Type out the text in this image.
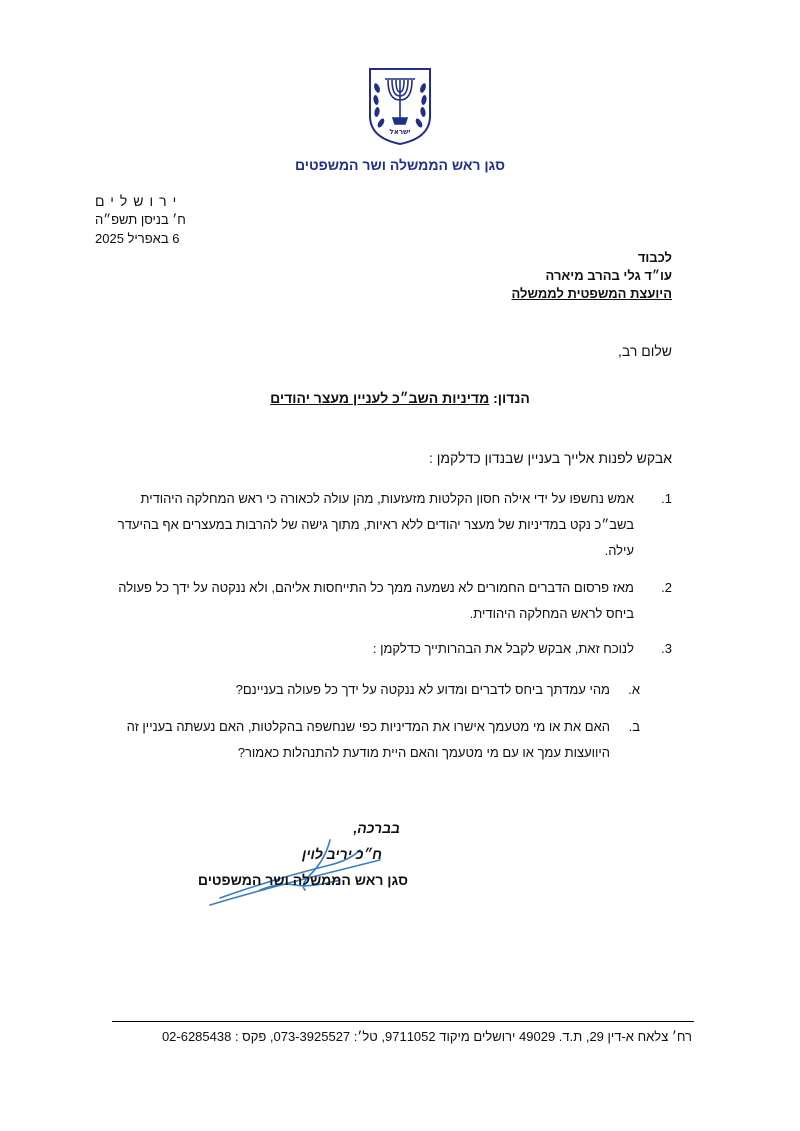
ישראל
סגן ראש הממשלה ושר המשפטים
ירושלים
ח׳ בניסן תשפ״ה
6 באפריל 2025
לכבוד
עו״ד גלי בהרב מיארה
היועצת המשפטית לממשלה
שלום רב,
הנדון: מדיניות השב״כ לעניין מעצר יהודים
אבקש לפנות אלייך בעניין שבנדון כדלקמן :
1.
אמש נחשפו על ידי אילה חסון הקלטות מזעזעות, מהן עולה לכאורה כי ראש המחלקה היהודית בשב״כ נקט במדיניות של מעצר יהודים ללא ראיות, מתוך גישה של להרבות במעצרים אף בהיעדר עילה.
2.
מאז פרסום הדברים החמורים לא נשמעה ממך כל התייחסות אליהם, ולא ננקטה על ידך כל פעולה ביחס לראש המחלקה היהודית.
3.
לנוכח זאת, אבקש לקבל את הבהרותייך כדלקמן :
א.
מהי עמדתך ביחס לדברים ומדוע לא ננקטה על ידך כל פעולה בעניינם?
ב.
האם את או מי מטעמך אישרו את המדיניות כפי שנחשפה בהקלטות, האם נעשתה בעניין זה היוועצות עמך או עם מי מטעמך והאם היית מודעת להתנהלות כאמור?
בברכה,
ח״כ יריב לוין
סגן ראש הממשלה ושר המשפטים
רח׳ צלאח א-דין 29, ת.ד. 49029 ירושלים מיקוד 9711052, טל׳: 073-3925527, פקס : 02-6285438
